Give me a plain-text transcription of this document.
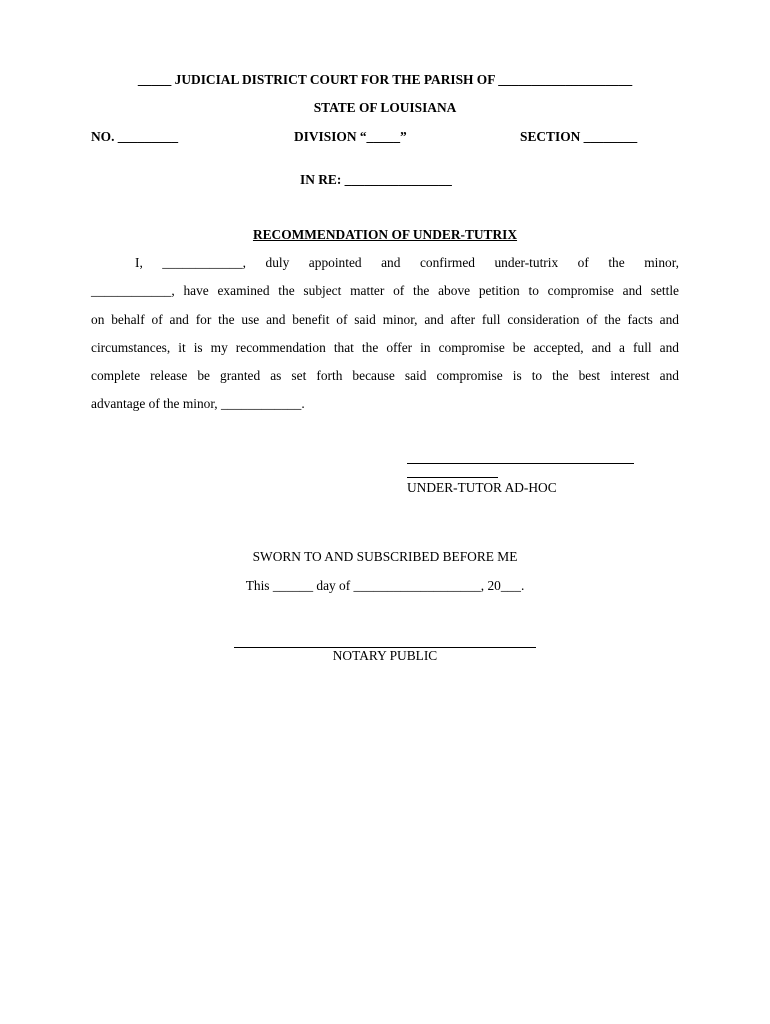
_____ JUDICIAL DISTRICT COURT FOR THE PARISH OF ____________________
STATE OF LOUISIANA
NO. _________	DIVISION “_____”	SECTION ________
IN RE: ________________
RECOMMENDATION OF UNDER-TUTRIX
I, ____________, duly appointed and confirmed under-tutrix of the minor,
____________, have examined the subject matter of the above petition to compromise and settle
on behalf of and for the use and benefit of said minor, and after full consideration of the facts and
circumstances, it is my recommendation that the offer in compromise be accepted, and a full and
complete release be granted as set forth because said compromise is to the best interest and
advantage of the minor, ____________.
UNDER-TUTOR AD-HOC
SWORN TO AND SUBSCRIBED BEFORE ME
This ______ day of ___________________, 20___.
NOTARY PUBLIC
